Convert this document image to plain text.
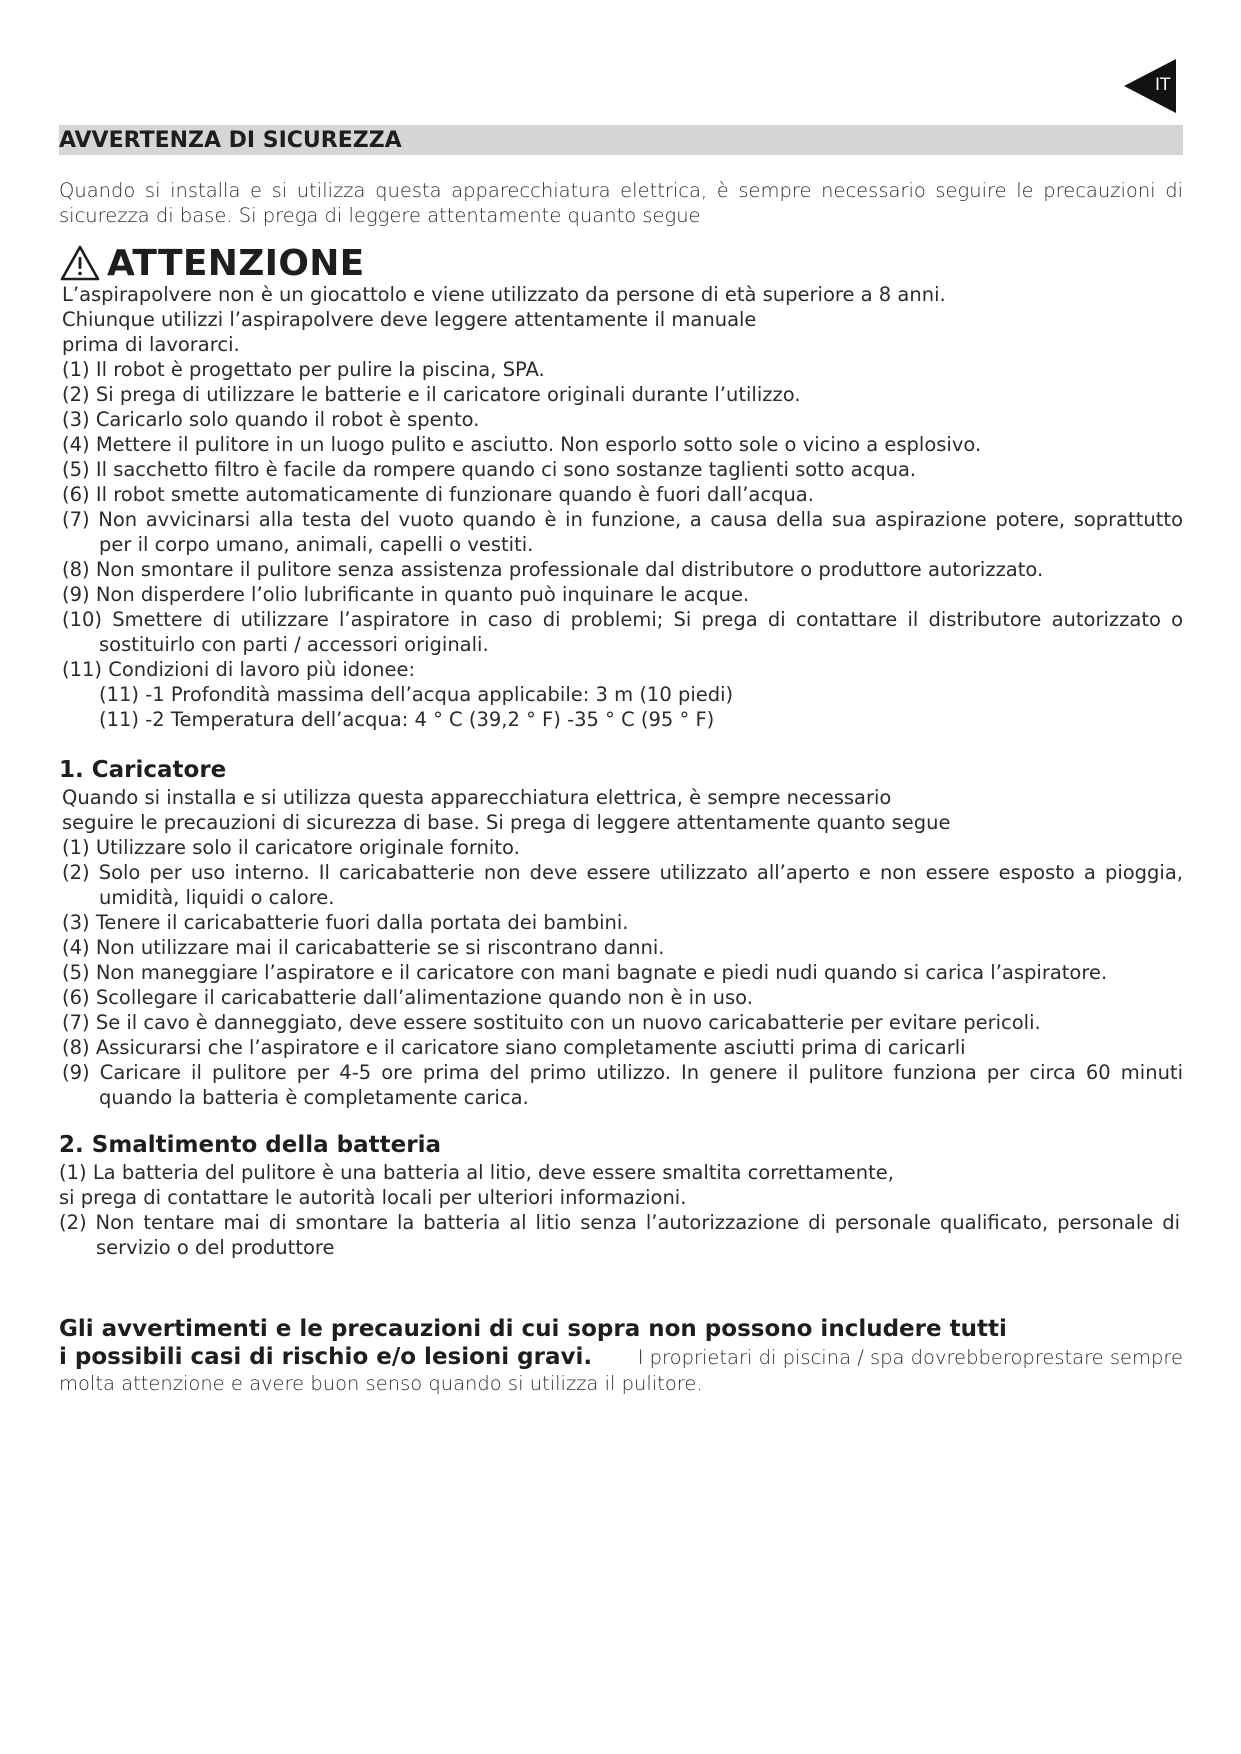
IT
AVVERTENZA DI SICUREZZA

Quando si installa e si utilizza questa apparecchiatura elettrica, è sempre necessario seguire le precauzioni di sicurezza di base. Si prega di leggere attentamente quanto segue

ATTENZIONE

L’aspirapolvere non è un giocattolo e viene utilizzato da persone di età superiore a 8 anni.

Chiunque utilizzi l’aspirapolvere deve leggere attentamente il manuale

prima di lavorarci.

(1) Il robot è progettato per pulire la piscina, SPA.

(2) Si prega di utilizzare le batterie e il caricatore originali durante l’utilizzo.

(3) Caricarlo solo quando il robot è spento.

(4) Mettere il pulitore in un luogo pulito e asciutto. Non esporlo sotto sole o vicino a esplosivo.

(5) Il sacchetto filtro è facile da rompere quando ci sono sostanze taglienti sotto acqua.

(6) Il robot smette automaticamente di funzionare quando è fuori dall’acqua.

(7) Non avvicinarsi alla testa del vuoto quando è in funzione, a causa della sua aspirazione potere, soprattutto

per il corpo umano, animali, capelli o vestiti.

(8) Non smontare il pulitore senza assistenza professionale dal distributore o produttore autorizzato.

(9) Non disperdere l’olio lubrificante in quanto può inquinare le acque.

(10) Smettere di utilizzare l’aspiratore in caso di problemi; Si prega di contattare il distributore autorizzato o

sostituirlo con parti / accessori originali.

(11) Condizioni di lavoro più idonee:

(11) -1 Profondità massima dell’acqua applicabile: 3 m (10 piedi)

(11) -2 Temperatura dell’acqua: 4 ° C (39,2 ° F) -35 ° C (95 ° F)

1. Caricatore

Quando si installa e si utilizza questa apparecchiatura elettrica, è sempre necessario

seguire le precauzioni di sicurezza di base. Si prega di leggere attentamente quanto segue

(1) Utilizzare solo il caricatore originale fornito.

(2) Solo per uso interno. Il caricabatterie non deve essere utilizzato all’aperto e non essere esposto a pioggia,

umidità, liquidi o calore.

(3) Tenere il caricabatterie fuori dalla portata dei bambini.

(4) Non utilizzare mai il caricabatterie se si riscontrano danni.

(5) Non maneggiare l’aspiratore e il caricatore con mani bagnate e piedi nudi quando si carica l’aspiratore.

(6) Scollegare il caricabatterie dall’alimentazione quando non è in uso.

(7) Se il cavo è danneggiato, deve essere sostituito con un nuovo caricabatterie per evitare pericoli.

(8) Assicurarsi che l’aspiratore e il caricatore siano completamente asciutti prima di caricarli

(9) Caricare il pulitore per 4-5 ore prima del primo utilizzo. In genere il pulitore funziona per circa 60 minuti

quando la batteria è completamente carica.

2. Smaltimento della batteria

(1) La batteria del pulitore è una batteria al litio, deve essere smaltita correttamente,

si prega di contattare le autorità locali per ulteriori informazioni.

(2) Non tentare mai di smontare la batteria al litio senza l’autorizzazione di personale qualificato, personale di

servizio o del produttore

Gli avvertimenti e le precauzioni di cui sopra non possono includere tutti
i possibili casi di rischio e/o lesioni gravi. I proprietari di piscina / spa dovrebberoprestare sempre
molta attenzione e avere buon senso quando si utilizza il pulitore.
